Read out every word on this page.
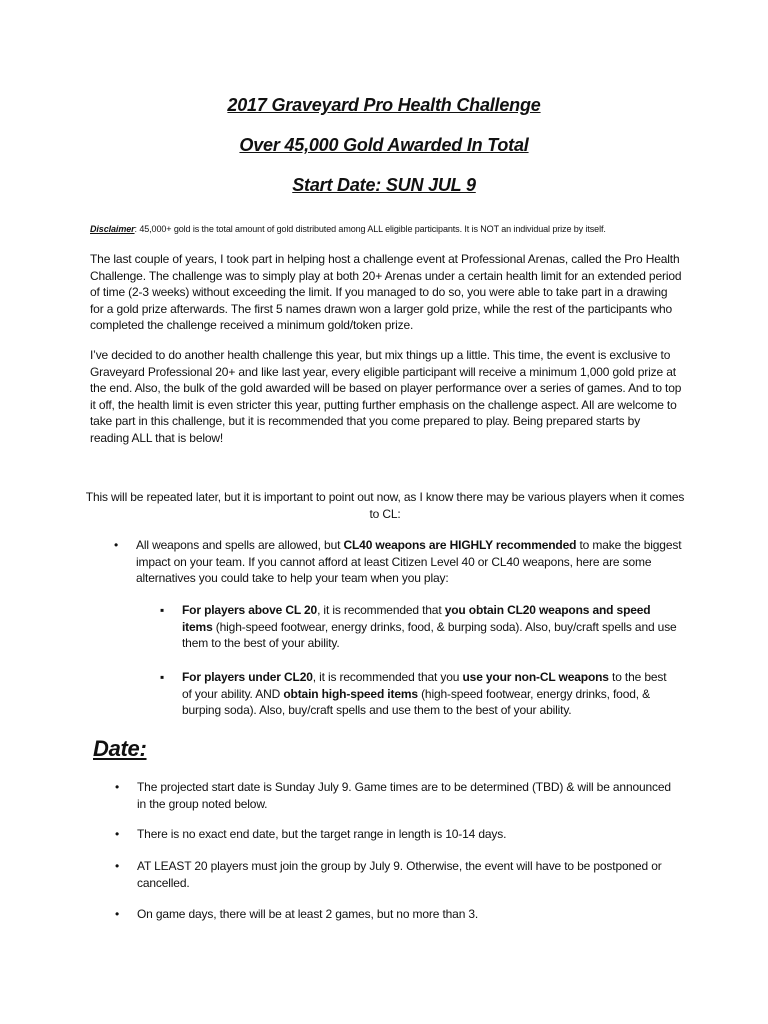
2017 Graveyard Pro Health Challenge
Over 45,000 Gold Awarded In Total
Start Date: SUN JUL 9
Disclaimer: 45,000+ gold is the total amount of gold distributed among ALL eligible participants. It is NOT an individual prize by itself.
The last couple of years, I took part in helping host a challenge event at Professional Arenas, called the Pro Health Challenge. The challenge was to simply play at both 20+ Arenas under a certain health limit for an extended period of time (2-3 weeks) without exceeding the limit. If you managed to do so, you were able to take part in a drawing for a gold prize afterwards. The first 5 names drawn won a larger gold prize, while the rest of the participants who completed the challenge received a minimum gold/token prize.
I’ve decided to do another health challenge this year, but mix things up a little. This time, the event is exclusive to Graveyard Professional 20+ and like last year, every eligible participant will receive a minimum 1,000 gold prize at the end. Also, the bulk of the gold awarded will be based on player performance over a series of games. And to top it off, the health limit is even stricter this year, putting further emphasis on the challenge aspect. All are welcome to take part in this challenge, but it is recommended that you come prepared to play. Being prepared starts by reading ALL that is below!
This will be repeated later, but it is important to point out now, as I know there may be various players when it comes to CL:
• All weapons and spells are allowed, but CL40 weapons are HIGHLY recommended to make the biggest impact on your team. If you cannot afford at least Citizen Level 40 or CL40 weapons, here are some alternatives you could take to help your team when you play:
▪ For players above CL 20, it is recommended that you obtain CL20 weapons and speed items (high-speed footwear, energy drinks, food, & burping soda). Also, buy/craft spells and use them to the best of your ability.
▪ For players under CL20, it is recommended that you use your non-CL weapons to the best of your ability. AND obtain high-speed items (high-speed footwear, energy drinks, food, & burping soda). Also, buy/craft spells and use them to the best of your ability.
Date:
• The projected start date is Sunday July 9. Game times are to be determined (TBD) & will be announced in the group noted below.
• There is no exact end date, but the target range in length is 10-14 days.
• AT LEAST 20 players must join the group by July 9. Otherwise, the event will have to be postponed or cancelled.
• On game days, there will be at least 2 games, but no more than 3.
